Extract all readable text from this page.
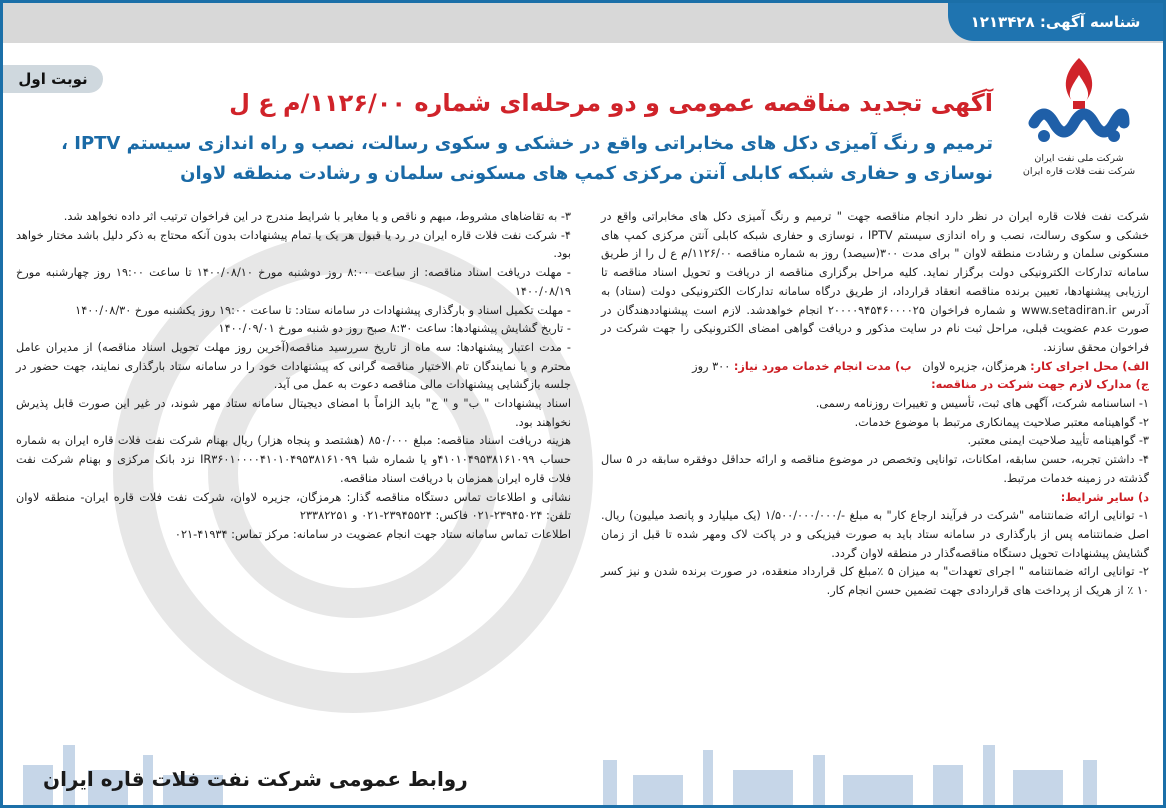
شناسه آگهی: ۱۲۱۳۴۲۸
نوبت اول
شرکت ملی نفت ایران
شرکت نفت فلات قاره ایران
آگهی تجدید مناقصه عمومی و دو مرحله‌ای شماره ۱۱۲۶/۰۰/م ع ل
ترمیم و رنگ آمیزی دکل های مخابراتی واقع در خشکی و سکوی رسالت، نصب و راه اندازی سیستم IPTV ،
نوسازی و حفاری شبکه کابلی آنتن مرکزی کمپ های مسکونی سلمان و رشادت منطقه لاوان

شرکت نفت فلات قاره ایران در نظر دارد انجام مناقصه جهت " ترمیم و رنگ آمیزی دکل های مخابراتی واقع در خشکی و سکوی رسالت، نصب و راه اندازی سیستم IPTV ، نوسازی و حفاری شبکه کابلی آنتن مرکزی کمپ های مسکونی سلمان و رشادت منطقه لاوان " برای مدت ۳۰۰(سیصد) روز به شماره مناقصه ۱۱۲۶/۰۰/م ع ل را از طریق سامانه تدارکات الکترونیکی دولت برگزار نماید. کلیه مراحل برگزاری مناقصه از دریافت و تحویل اسناد مناقصه تا ارزیابی پیشنهادها، تعیین برنده مناقصه انعقاد قرارداد، از طریق درگاه سامانه تدارکات الکترونیکی دولت (ستاد) به آدرس www.setadiran.ir و شماره فراخوان ۲۰۰۰۰۹۴۵۴۶۰۰۰۰۲۵ انجام خواهدشد. لازم است پیشنهاددهندگان در صورت عدم عضویت قبلی، مراحل ثبت نام در سایت مذکور و دریافت گواهی امضای الکترونیکی را جهت شرکت در فراخوان محقق سازند.

الف) محل اجرای کار: هرمزگان، جزیره لاوان   ب) مدت انجام خدمات مورد نیاز: ۳۰۰ روز

ج) مدارک لازم جهت شرکت در مناقصه:

۱- اساسنامه شرکت، آگهی های ثبت، تأسیس و تغییرات روزنامه رسمی.

۲- گواهینامه معتبر صلاحیت پیمانکاری مرتبط با موضوع خدمات.

۳- گواهینامه تأیید صلاحیت ایمنی معتبر.

۴- داشتن تجربه، حسن سابقه، امکانات، توانایی وتخصص در موضوع مناقصه و ارائه حداقل دوفقره سابقه در ۵ سال گذشته در زمینه خدمات مرتبط.

د) سایر شرایط:

۱- توانایی ارائه ضمانتنامه "شرکت در فرآیند ارجاع کار" به مبلغ -/۱/۵۰۰/۰۰۰/۰۰۰ (یک میلیارد و پانصد میلیون) ریال. اصل ضمانتنامه پس از بارگذاری در سامانه ستاد باید به صورت فیزیکی و در پاکت لاک ومهر شده تا قبل از زمان گشایش پیشنهادات تحویل دستگاه مناقصه‌گذار در منطقه لاوان گردد.

۲- توانایی ارائه ضمانتنامه " اجرای تعهدات" به میزان ۵ ٪مبلغ کل قرارداد منعقده، در صورت برنده شدن و نیز کسر ۱۰ ٪ از هریک از پرداخت های قراردادی جهت تضمین حسن انجام کار.

۳- به تقاضاهای مشروط، مبهم و ناقص و یا مغایر با شرایط مندرج در این فراخوان ترتیب اثر داده نخواهد شد.

۴- شرکت نفت فلات قاره ایران در رد یا قبول هر یک یا تمام پیشنهادات بدون آنکه محتاج به ذکر دلیل باشد مختار خواهد بود.

- مهلت دریافت اسناد مناقصه: از ساعت ۸:۰۰ روز دوشنبه مورخ ۱۴۰۰/۰۸/۱۰ تا ساعت ۱۹:۰۰ روز چهارشنبه مورخ ۱۴۰۰/۰۸/۱۹

- مهلت تکمیل اسناد و بارگذاری پیشنهادات در سامانه ستاد: تا ساعت ۱۹:۰۰ روز یکشنبه مورخ ۱۴۰۰/۰۸/۳۰

- تاریخ گشایش پیشنهادها: ساعت ۸:۳۰ صبح روز دو شنبه مورخ ۱۴۰۰/۰۹/۰۱

- مدت اعتبار پیشنهادها: سه ماه از تاریخ سررسید مناقصه(آخرین روز مهلت تحویل اسناد مناقصه) از مدیران عامل محترم و یا نمایندگان تام الاختیار مناقصه گرانی که پیشنهادات خود را در سامانه ستاد بارگذاری نمایند، جهت حضور در جلسه بازگشایی پیشنهادات مالی مناقصه دعوت به عمل می آید.

اسناد پیشنهادات " ب" و " ج" باید الزاماً با امضای دیجیتال سامانه ستاد مهر شوند، در غیر این صورت قابل پذیرش نخواهند بود.

هزینه دریافت اسناد مناقصه: مبلغ ۸۵۰/۰۰۰ (هشتصد و پنجاه هزار) ریال بهنام شرکت نفت فلات قاره ایران به شماره حساب ۴۱۰۱۰۴۹۵۳۸۱۶۱۰۹۹و یا شماره شبا IR۳۶۰۱۰۰۰۰۴۱۰۱۰۴۹۵۳۸۱۶۱۰۹۹ نزد بانک مرکزی و بهنام شرکت نفت فلات قاره ایران همزمان با دریافت اسناد مناقصه.

نشانی و اطلاعات تماس دستگاه مناقصه گذار: هرمزگان، جزیره لاوان، شرکت نفت فلات قاره ایران- منطقه لاوان تلفن: ۲۳۹۴۵۰۲۴-۰۲۱ فاکس: ۲۳۹۴۵۵۲۴-۰۲۱ و ۲۳۳۸۲۲۵۱

اطلاعات تماس سامانه ستاد جهت انجام عضویت در سامانه: مرکز تماس: ۴۱۹۳۴-۰۲۱

روابط عمومی شرکت نفت فلات قاره ایران
